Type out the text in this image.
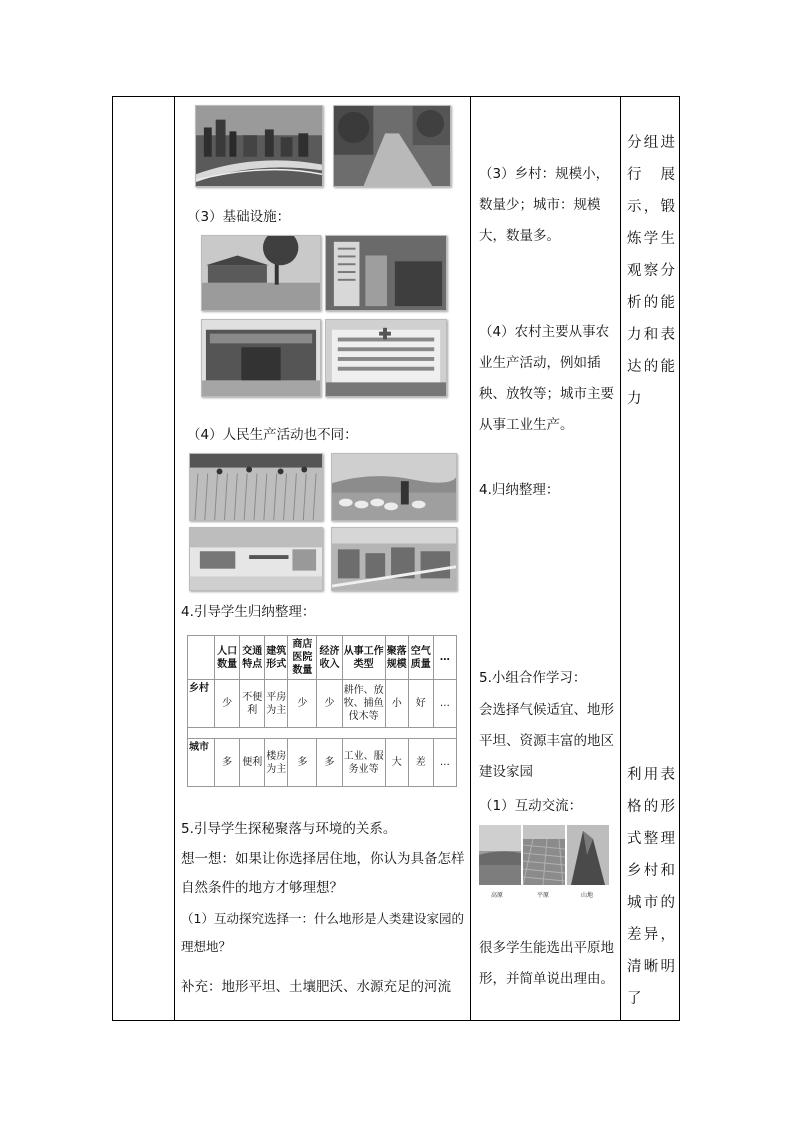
（3）基础设施：
（4）人民生产活动也不同：
4.引导学生归纳整理：
	人口数量	交通特点	建筑形式	商店医院数量	经济收入	从事工作类型	聚落规模	空气质量	…
乡村	少	不便利	平房为主	少	少	耕作、放牧、捕鱼伐木等	小	好	…

城市	多	便利	楼房为主	多	多	工业、服务业等	大	差	…
5.引导学生探秘聚落与环境的关系。
想一想：如果让你选择居住地，你认为具备怎样自然条件的地方才够理想？
（1）互动探究选择一：什么地形是人类建设家园的理想地？
补充：地形平坦、土壤肥沃、水源充足的河流
（3）乡村：规模小，数量少；城市：规模大，数量多。
（4）农村主要从事农业生产活动，例如插秧、放牧等；城市主要从事工业生产。
4.归纳整理：
5.小组合作学习：
会选择气候适宜、地形平坦、资源丰富的地区建设家园
（1）互动交流：
高原	平原	山地
很多学生能选出平原地形，并简单说出理由。
分组进行展示，锻炼学生观察分析的能力和表达的能力
利用表格的形式整理乡村和城市的差异，清晰明了
